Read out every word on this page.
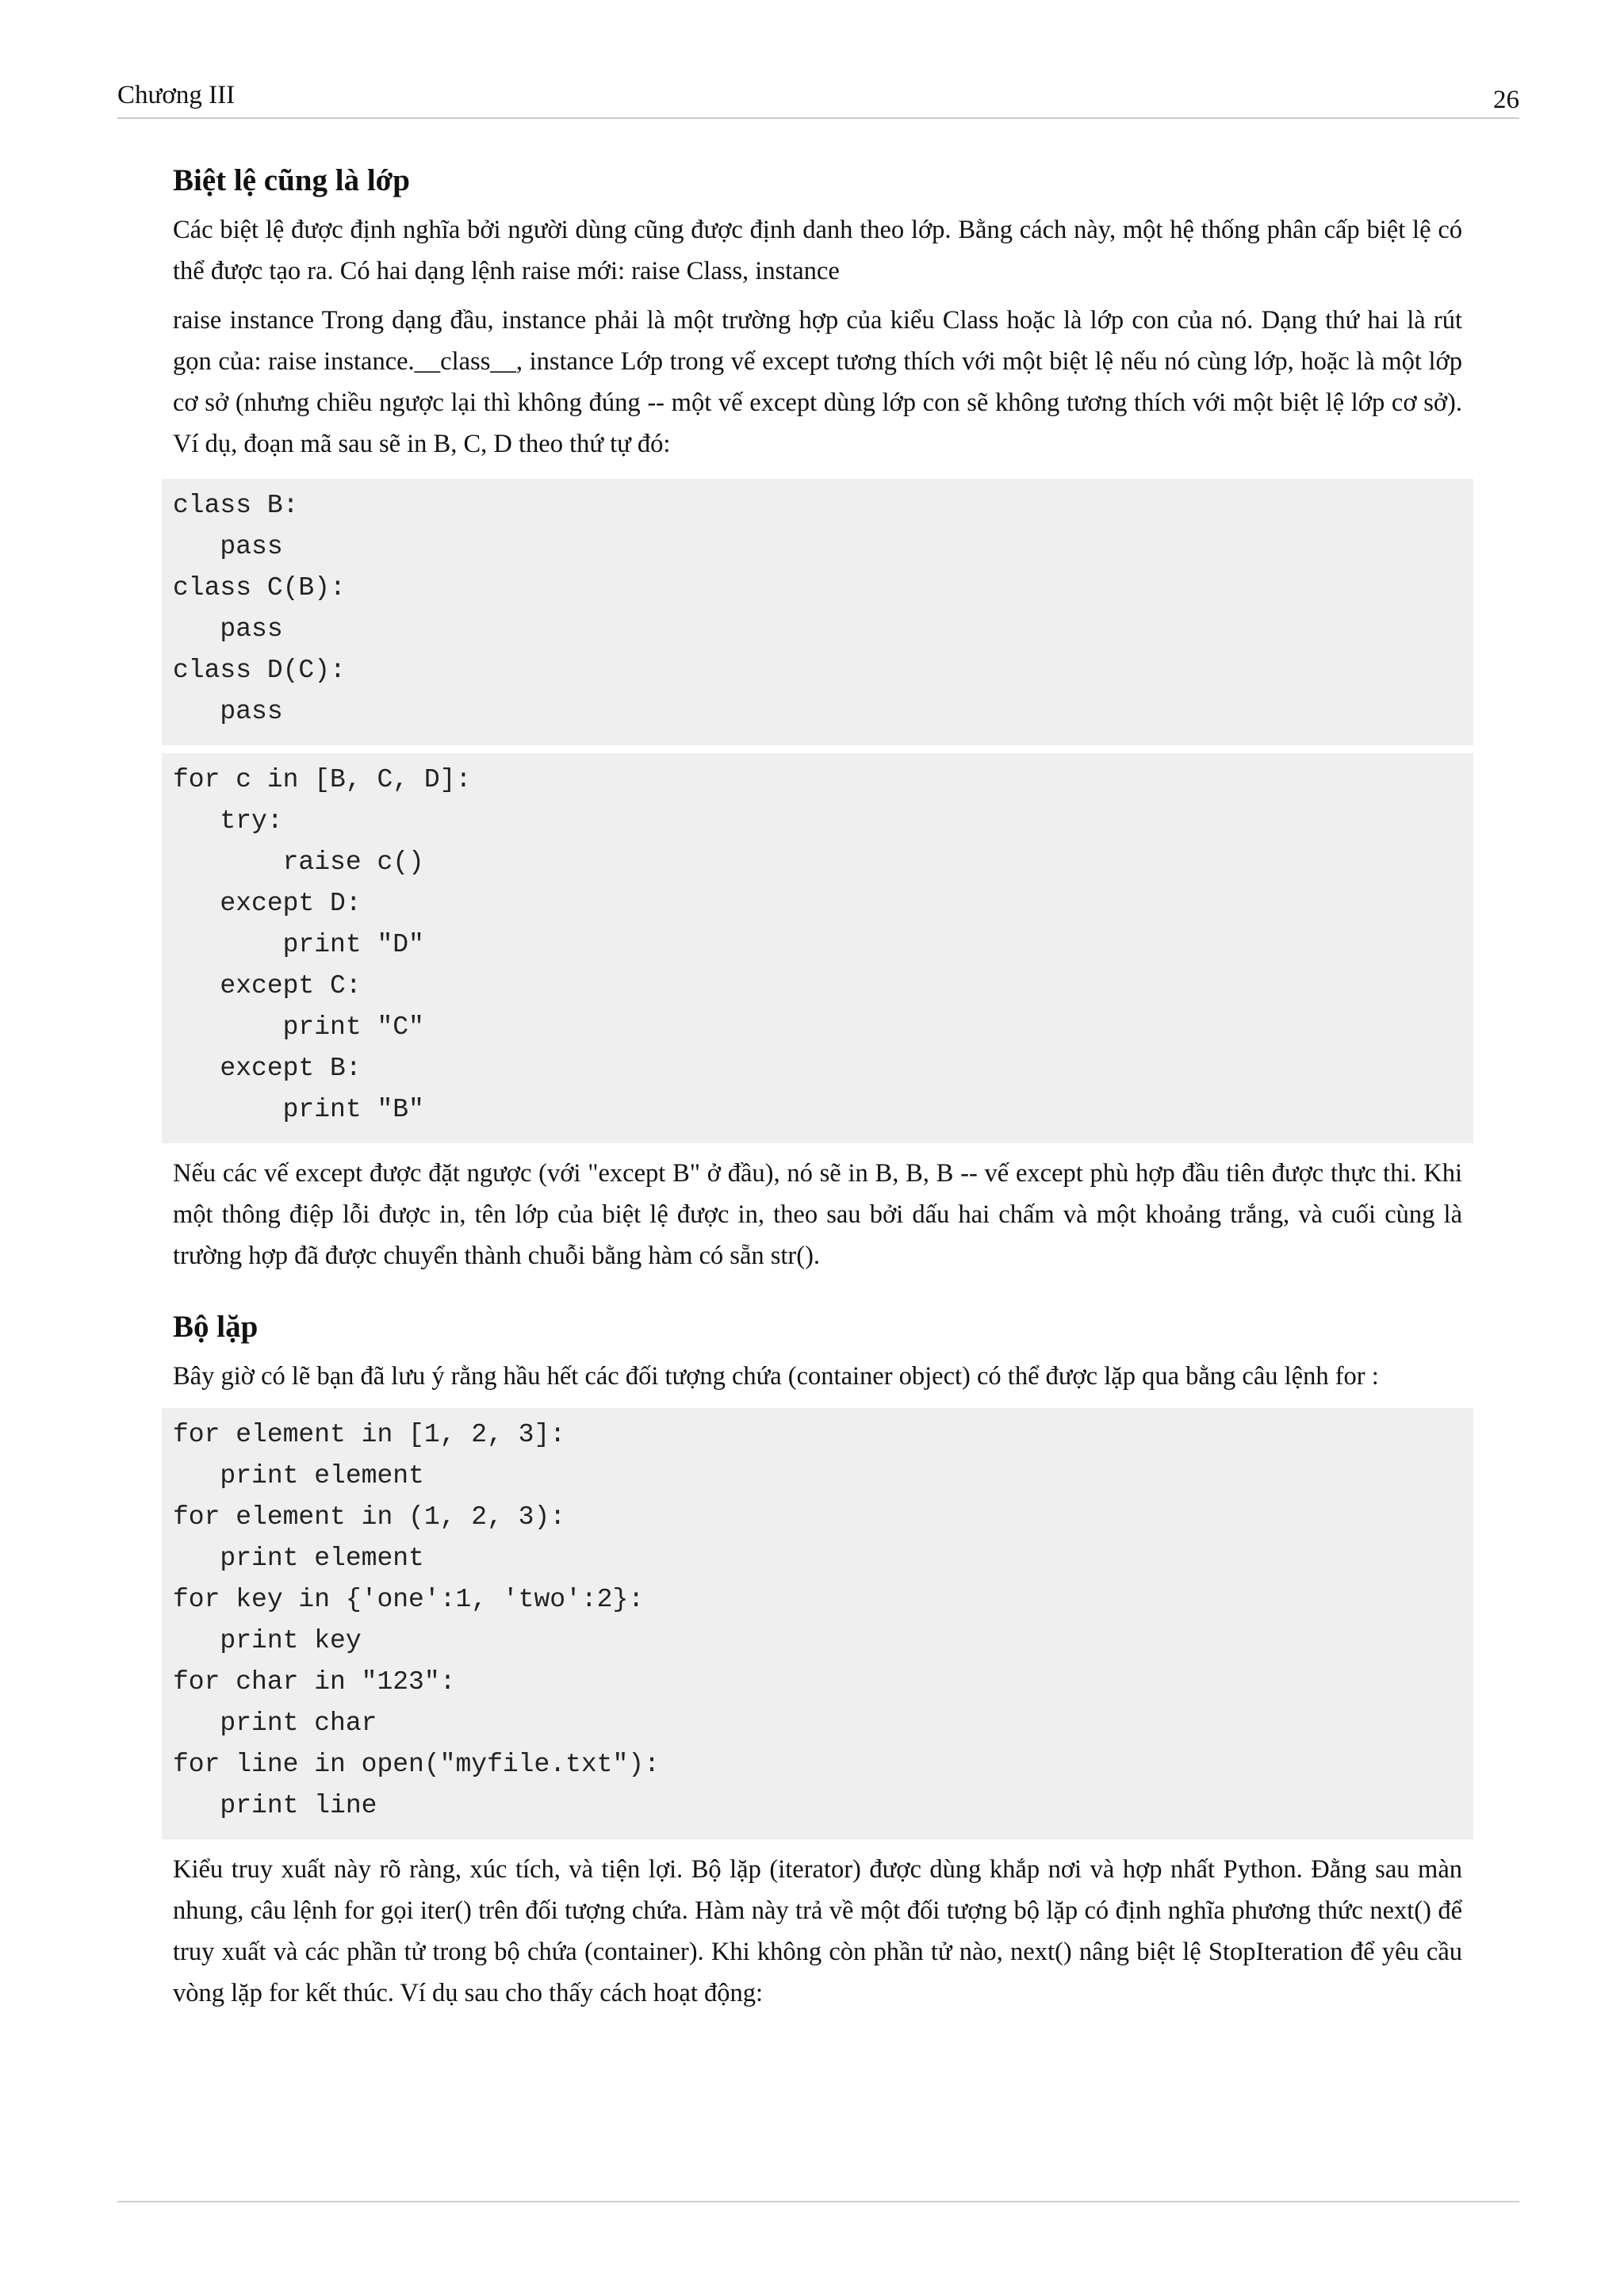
Chương III	26
Biệt lệ cũng là lớp

Các biệt lệ được định nghĩa bởi người dùng cũng được định danh theo lớp. Bằng cách này, một hệ thống phân cấp biệt lệ có thể được tạo ra. Có hai dạng lệnh raise mới: raise Class, instance

raise instance Trong dạng đầu, instance phải là một trường hợp của kiểu Class hoặc là lớp con của nó. Dạng thứ hai là rút gọn của: raise instance.__class__, instance Lớp trong vế except tương thích với một biệt lệ nếu nó cùng lớp, hoặc là một lớp cơ sở (nhưng chiều ngược lại thì không đúng -- một vế except dùng lớp con sẽ không tương thích với một biệt lệ lớp cơ sở). Ví dụ, đoạn mã sau sẽ in B, C, D theo thứ tự đó:

class B:
pass
class C(B):
pass
class D(C):
pass
for c in [B, C, D]:
try:
raise c()
except D:
print "D"
except C:
print "C"
except B:
print "B"

Nếu các vế except được đặt ngược (với "except B" ở đầu), nó sẽ in B, B, B -- vế except phù hợp đầu tiên được thực thi. Khi một thông điệp lỗi được in, tên lớp của biệt lệ được in, theo sau bởi dấu hai chấm và một khoảng trắng, và cuối cùng là trường hợp đã được chuyển thành chuỗi bằng hàm có sẵn str().

Bộ lặp

Bây giờ có lẽ bạn đã lưu ý rằng hầu hết các đối tượng chứa (container object) có thể được lặp qua bằng câu lệnh for :

for element in [1, 2, 3]:
print element
for element in (1, 2, 3):
print element
for key in {'one':1, 'two':2}:
print key
for char in "123":
print char
for line in open("myfile.txt"):
print line

Kiểu truy xuất này rõ ràng, xúc tích, và tiện lợi. Bộ lặp (iterator) được dùng khắp nơi và hợp nhất Python. Đằng sau màn nhung, câu lệnh for gọi iter() trên đối tượng chứa. Hàm này trả về một đối tượng bộ lặp có định nghĩa phương thức next() để truy xuất và các phần tử trong bộ chứa (container). Khi không còn phần tử nào, next() nâng biệt lệ StopIteration để yêu cầu vòng lặp for kết thúc. Ví dụ sau cho thấy cách hoạt động:
